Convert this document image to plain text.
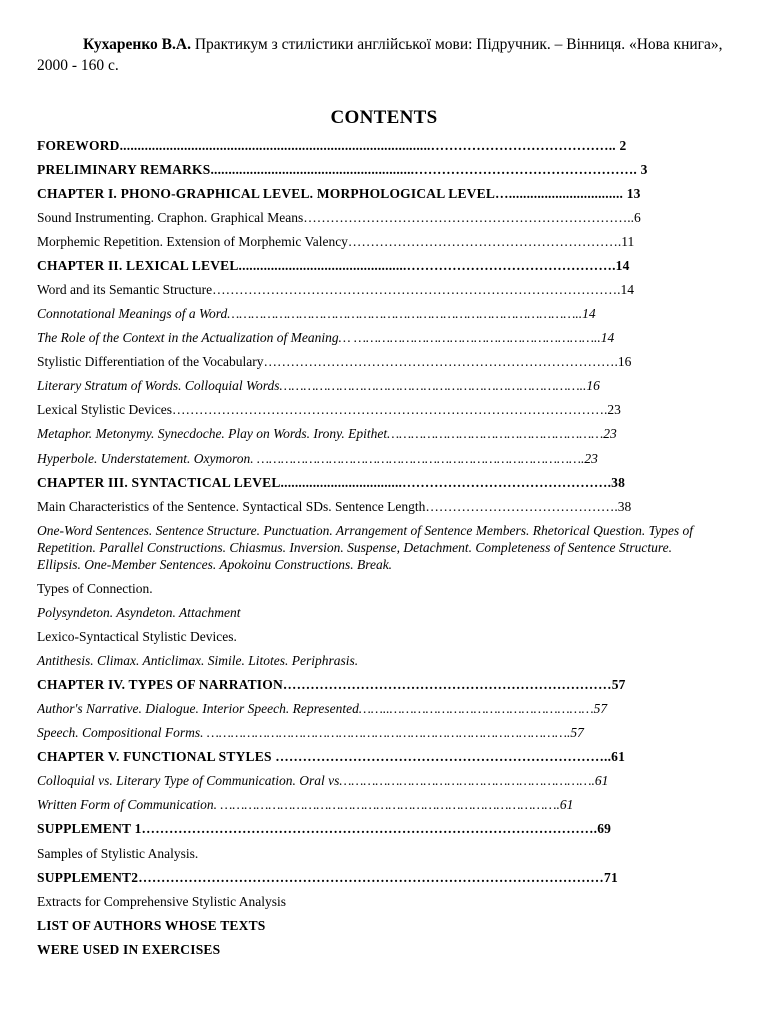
Кухаренко В.А. Практикум з стилістики англійської мови: Підручник. – Вінниця. «Нова книга», 2000 - 160 с.
CONTENTS
FOREWORD.......................................................................................………………………………….. 2
PRELIMINARY REMARKS.........................................................…………………………………………. 3
CHAPTER I. PHONO-GRAPHICAL LEVEL. MORPHOLOGICAL LEVEL…................................ 13
Sound Instrumenting. Craphon. Graphical Means………………………………………………………………..6
Morphemic Repetition. Extension of Morphemic Valency…………………………………………………….11
CHAPTER II. LEXICAL LEVEL...............................................……………………………………….14
Word and its Semantic Structure……………………………………………………………………………….14
Connotational Meanings of a Word……………………………………………………………………………..14
The Role of the Context in the Actualization of Meaning… ……………………………………………………..14
Stylistic Differentiation of the Vocabulary…………………………………………………………………….16
Literary Stratum of Words. Colloquial Words…………………………………………………………………..16
Lexical Stylistic Devices…………………………………………………………………………………….23
Metaphor. Metonymy. Synecdoche. Play on Words. Irony. Epithet………………………………………………23
Hyperbole. Understatement. Oxymoron. ……………………………………………………………………….23
CHAPTER III. SYNTACTICAL LEVEL..................................……………………………………….38
Main Characteristics of the Sentence. Syntactical SDs. Sentence Length…………………………………….38
One-Word Sentences. Sentence Structure. Punctuation. Arrangement of Sentence Members. Rhetorical Question. Types of Repetition. Parallel Constructions. Chiasmus. Inversion. Suspense, Detachment. Completeness of Sentence Structure. Ellipsis. One-Member Sentences. Apokoinu Constructions. Break.
Types of Connection.
Polysyndeton. Asyndeton. Attachment
Lexico-Syntactical Stylistic Devices.
Antithesis. Climax. Anticlimax. Simile. Litotes. Periphrasis.
CHAPTER IV. TYPES OF NARRATION………………………………………………………………57
Author's Narrative. Dialogue. Interior Speech. Represented……..……………………………………………57
Speech. Compositional Forms. ……………………………………………………………………………….57
CHAPTER V. FUNCTIONAL STYLES ………………………………………………………………..61
Colloquial vs. Literary Type of Communication. Oral vs……………………………………………………….61
Written Form of Communication. ………………………………………………………………………….61
SUPPLEMENT 1……………………………………………………………………………………….69
Samples of Stylistic Analysis.
SUPPLEMENT2…………………………………………………………………………………………71
Extracts for Comprehensive Stylistic Analysis
LIST OF AUTHORS WHOSE TEXTS
WERE USED IN EXERCISES
